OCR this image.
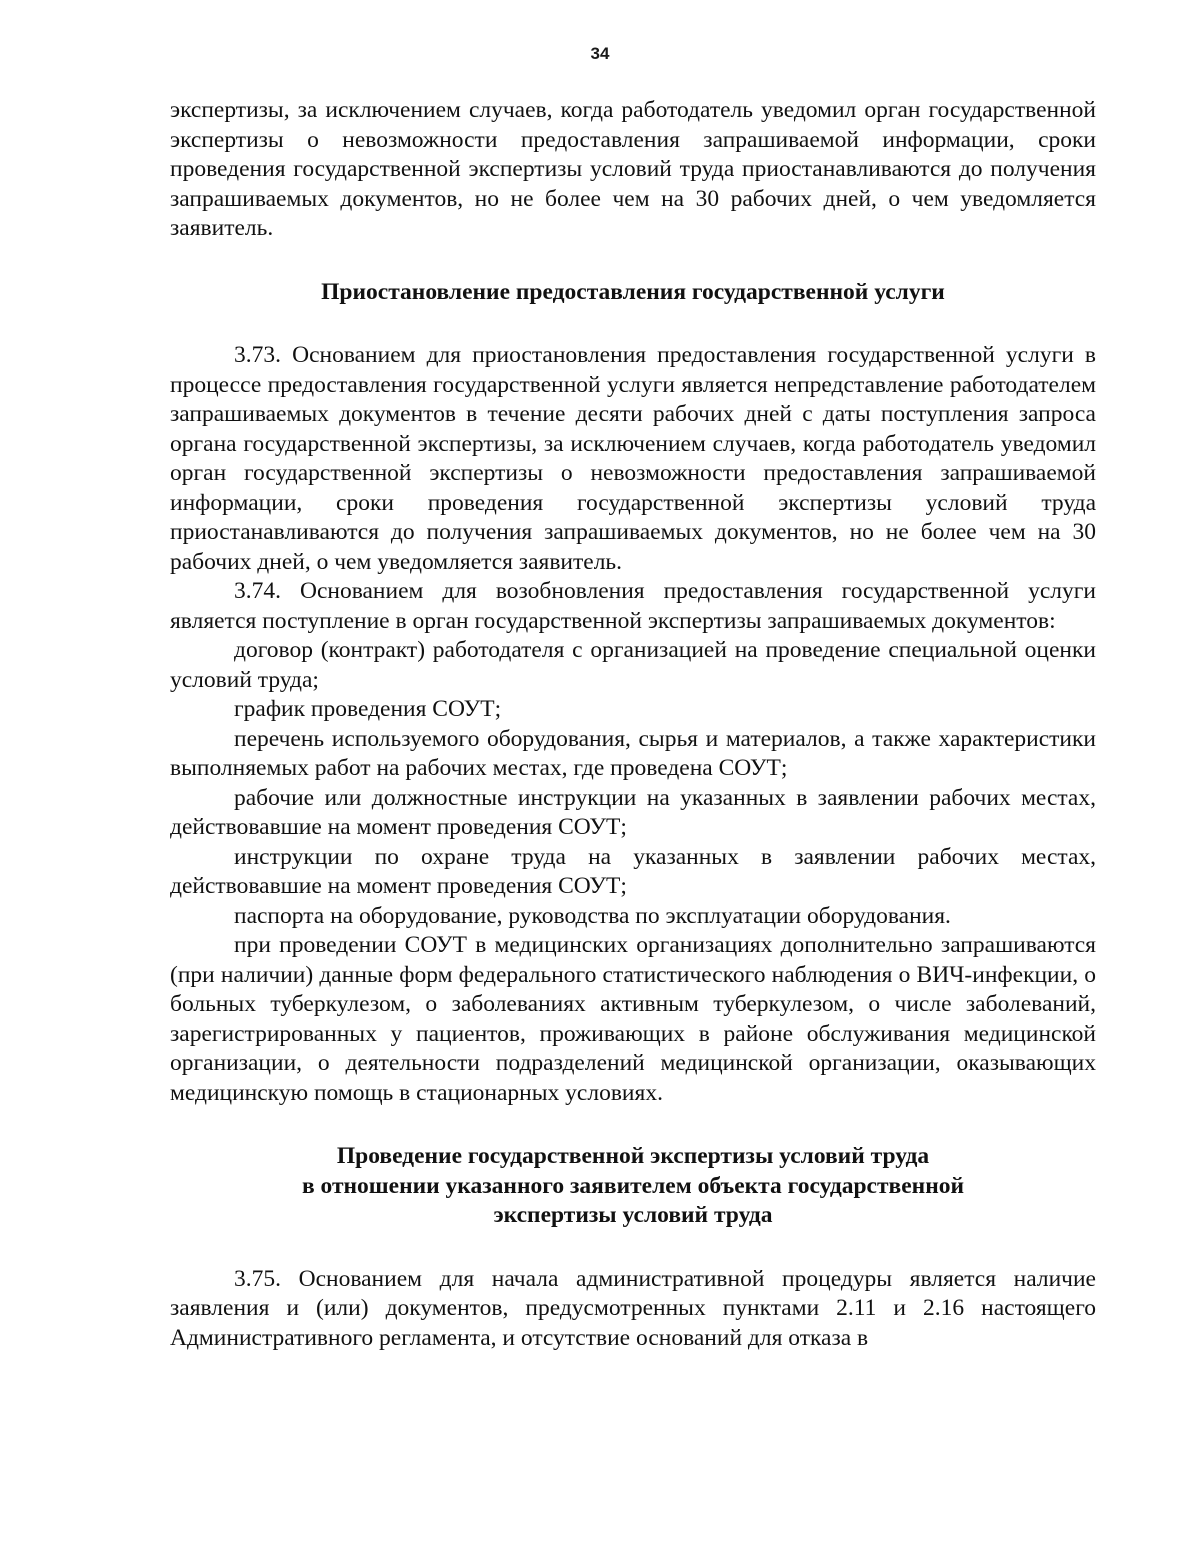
34

экспертизы, за исключением случаев, когда работодатель уведомил орган государственной экспертизы о невозможности предоставления запрашиваемой информации, сроки проведения государственной экспертизы условий труда приостанавливаются до получения запрашиваемых документов, но не более чем на 30 рабочих дней, о чем уведомляется заявитель.

Приостановление предоставления государственной услуги

3.73. Основанием для приостановления предоставления государственной услуги в процессе предоставления государственной услуги является непредставление работодателем запрашиваемых документов в течение десяти рабочих дней с даты поступления запроса органа государственной экспертизы, за исключением случаев, когда работодатель уведомил орган государственной экспертизы о невозможности предоставления запрашиваемой информации, сроки проведения государственной экспертизы условий труда приостанавливаются до получения запрашиваемых документов, но не более чем на 30 рабочих дней, о чем уведомляется заявитель.

3.74. Основанием для возобновления предоставления государственной услуги является поступление в орган государственной экспертизы запрашиваемых документов:

договор (контракт) работодателя с организацией на проведение специальной оценки условий труда;

график проведения СОУТ;

перечень используемого оборудования, сырья и материалов, а также характеристики выполняемых работ на рабочих местах, где проведена СОУТ;

рабочие или должностные инструкции на указанных в заявлении рабочих местах, действовавшие на момент проведения СОУТ;

инструкции по охране труда на указанных в заявлении рабочих местах, действовавшие на момент проведения СОУТ;

паспорта на оборудование, руководства по эксплуатации оборудования.

при проведении СОУТ в медицинских организациях дополнительно запрашиваются (при наличии) данные форм федерального статистического наблюдения о ВИЧ-инфекции, о больных туберкулезом, о заболеваниях активным туберкулезом, о числе заболеваний, зарегистрированных у пациентов, проживающих в районе обслуживания медицинской организации, о деятельности подразделений медицинской организации, оказывающих медицинскую помощь в стационарных условиях.

Проведение государственной экспертизы условий труда
в отношении указанного заявителем объекта государственной
экспертизы условий труда

3.75. Основанием для начала административной процедуры является наличие заявления и (или) документов, предусмотренных пунктами 2.11 и 2.16 настоящего Административного регламента, и отсутствие оснований для отказа в
